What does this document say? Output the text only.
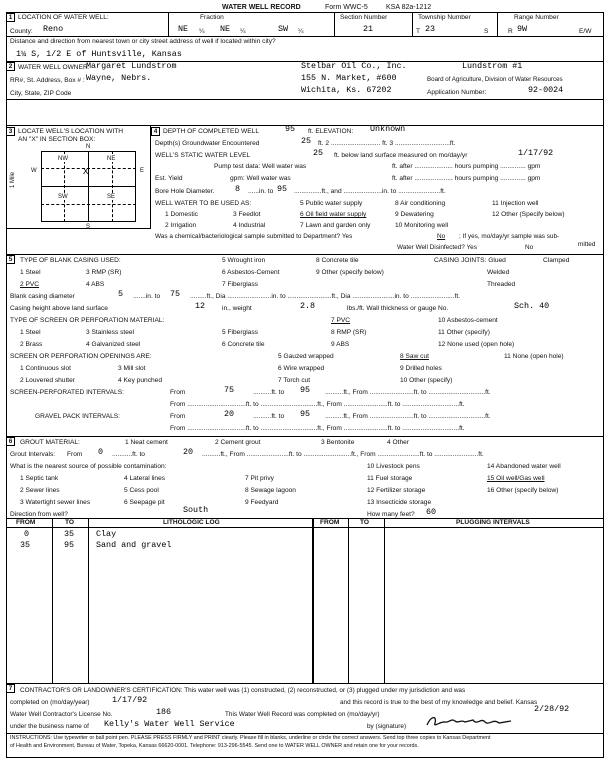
WATER WELL RECORD	Form WWC-5	KSA 82a-1212
1 LOCATION OF WATER WELL:
County: Reno
Fraction
NE ¼ NE ¼	SW ¼
Section Number
21
Township Number
T 23	S
Range Number
R 9W	E/W
Distance and direction from nearest town or city street address of well if located within city?
1¼ S, 1/2 E of Huntsville, Kansas
2 WATER WELL OWNER:
Margaret Lundstrom
RR#, St. Address, Box # : Wayne, Nebrs.
City, State, ZIP Code
Stelbar Oil Co., Inc.	Lundstrom #1
155 N. Market, #600	Board of Agriculture, Division of Water Resources
Wichita, Ks. 67202	Application Number:	92-0024
3 LOCATE WELL'S LOCATION WITH
AN "X" IN SECTION BOX:
N
S
W	E
NW	NE
SW	SE
X
1 Mile
4 DEPTH OF COMPLETED WELL	95 ft. ELEVATION: Unknown
Depth(s) Groundwater Encountered	25 ft. 2 ........................... ft. 3 ..............................ft.
WELL'S STATIC WATER LEVEL	25 ft. below land surface measured on mo/day/yr	1/17/92
Pump test data: Well water was	ft. after ..................... hours pumping .............. gpm
Est. Yield	gpm: Well water was	ft. after ..................... hours pumping .............. gpm
Bore Hole Diameter. 8 ......in. to 95 ...............ft., and .....................in. to .......................ft.
WELL WATER TO BE USED AS:	5 Public water supply	8 Air conditioning	11 Injection well
1 Domestic	3 Feedlot	6 Oil field water supply	9 Dewatering	12 Other (Specify below)
2 Irrigation	4 Industrial	7 Lawn and garden only	10 Monitoring well
Was a chemical/bacteriological sample submitted to Department? Yes	No ; If yes, mo/day/yr sample was sub-
mitted
Water Well Disinfected? Yes	No
5	TYPE OF BLANK CASING USED:
1 Steel	3 RMP (SR)
5 Wrought iron	8 Concrete tile
2 PVC	4 ABS
6 Asbestos-Cement
7 Fiberglass
9 Other (specify below)
CASING JOINTS: Glued	Clamped
Welded
Threaded
Blank casing diameter	5 .......in. to 75 .........ft., Dia ........................in. to ........................ft., Dia .......................in. to ........................ft.
Casing height above land surface	12	in., weight	2.8	lbs./ft. Wall thickness or gauge No.	Sch. 40
TYPE OF SCREEN OR PERFORATION MATERIAL:
1 Steel	3 Stainless steel	5 Fiberglass
7 PVC	10 Asbestos-cement
2 Brass	4 Galvanized steel	6 Concrete tile
8 RMP (SR)
9 ABS
11 Other (specify)
12 None used (open hole)
SCREEN OR PERFORATION OPENINGS ARE:	5 Gauzed wrapped	8 Saw cut	11 None (open hole)
1 Continuous slot	3 Mill slot	6 Wire wrapped	9 Drilled holes
2 Louvered shutter	4 Key punched	7 Torch cut	10 Other (specify)
SCREEN-PERFORATED INTERVALS:	From	75	..........ft. to 95 ..........ft., From ........................ft. to ...............................ft.
From ................................ft. to ...............................ft., From ........................ft. to ...............................ft.
GRAVEL PACK INTERVALS:	From	20	..........ft. to 95 ..........ft., From ........................ft. to ...............................ft.
From ................................ft. to ...............................ft., From ........................ft. to ...............................ft.
6	GROUT MATERIAL:	1 Neat cement	2 Cement grout	3 Bentonite	4 Other
Grout Intervals: From 0 ...........ft. to	20 ..........ft., From .......................ft. to ..........................ft., From .......................ft. to ........................ft.
What is the nearest source of possible contamination:	10 Livestock pens	14 Abandoned water well
1 Septic tank	4 Lateral lines	7 Pit privy	11 Fuel storage	15 Oil well/Gas well
2 Sewer lines	5 Cess pool	8 Sewage lagoon	12 Fertilizer storage	16 Other (specify below)
3 Watertight sewer lines	6 Seepage pit	9 Feedyard	13 Insecticide storage
Direction from well?	South	How many feet? 60
FROM	TO	LITHOLOGIC LOG	FROM	TO	PLUGGING INTERVALS
0	35	Clay
35	95	Sand and gravel
7	CONTRACTOR'S OR LANDOWNER'S CERTIFICATION: This water well was (1) constructed, (2) reconstructed, or (3) plugged under my jurisdiction and was
completed on (mo/day/year)	1/17/92	and this record is true to the best of my knowledge and belief. Kansas
Water Well Contractor's License No.	186	This Water Well Record was completed on (mo/day/yr)
2/28/92
under the business name of Kelly's Water Well Service	by (signature)
INSTRUCTIONS: Use typewriter or ball point pen. PLEASE PRESS FIRMLY and PRINT clearly. Please fill in blanks, underline or circle the correct answers. Send top three copies to Kansas Department
of Health and Environment, Bureau of Water, Topeka, Kansas 66620-0001. Telephone: 913-296-5545. Send one to WATER WELL OWNER and retain one for your records.
